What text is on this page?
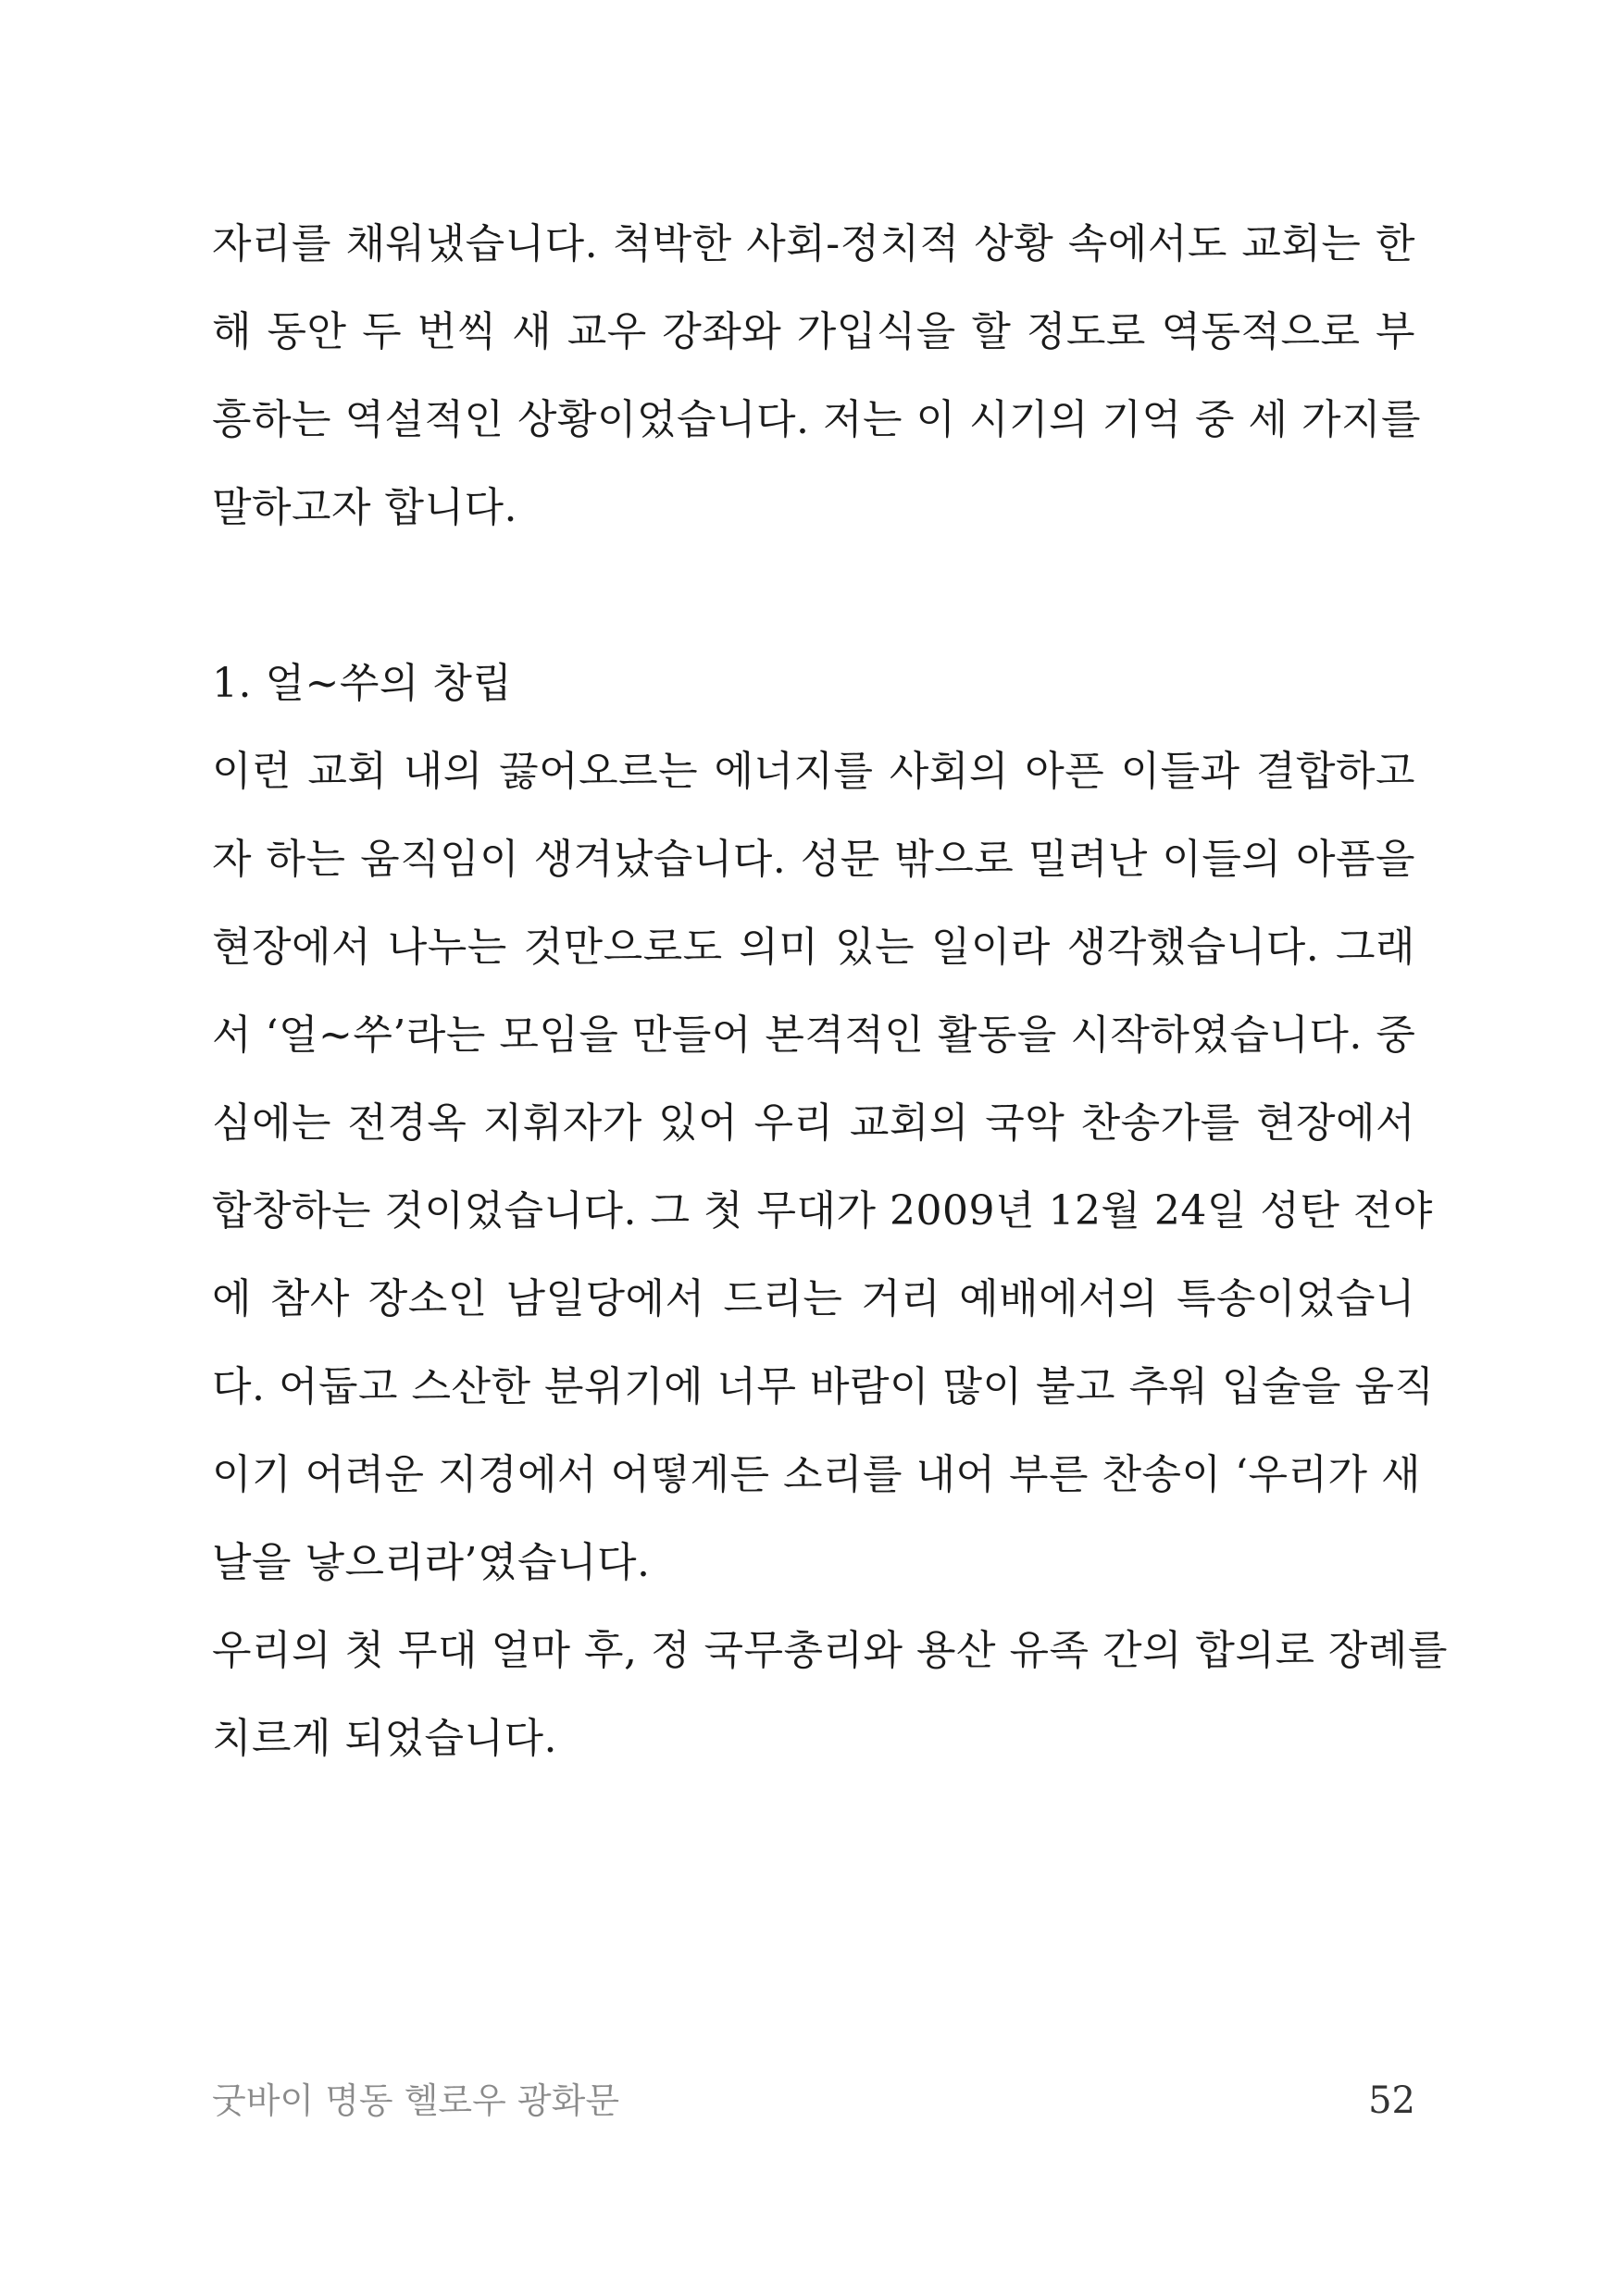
자리를 채워냈습니다. 척박한 사회-정치적 상황 속에서도 교회는 한
해 동안 두 번씩 새 교우 강좌와 가입식을 할 정도로 역동적으로 부
흥하는 역설적인 상황이었습니다. 저는 이 시기의 기억 중 세 가지를
말하고자 합니다.
1. 얼~쑤의 창립
이런 교회 내의 끓어오르는 에너지를 사회의 아픈 이들과 결합하고
자 하는 움직임이 생겨났습니다. 성문 밖으로 밀려난 이들의 아픔을
현장에서 나누는 것만으로도 의미 있는 일이라 생각했습니다. 그래
서 ‘얼~쑤’라는 모임을 만들어 본격적인 활동을 시작하였습니다. 중
심에는 전경옥 지휘자가 있어 우리 교회의 국악 찬송가를 현장에서
합창하는 것이었습니다. 그 첫 무대가 2009년 12월 24일 성탄 전야
에 참사 장소인 남일당에서 드리는 거리 예배에서의 특송이었습니
다. 어둡고 스산한 분위기에 너무 바람이 많이 불고 추워 입술을 움직
이기 어려운 지경에서 어떻게든 소리를 내어 부른 찬송이 ‘우리가 새
날을 낳으리라’였습니다.
우리의 첫 무대 얼마 후, 정 국무총리와 용산 유족 간의 합의로 장례를
치르게 되었습니다.
굿바이 명동 헬로우 광화문	52
